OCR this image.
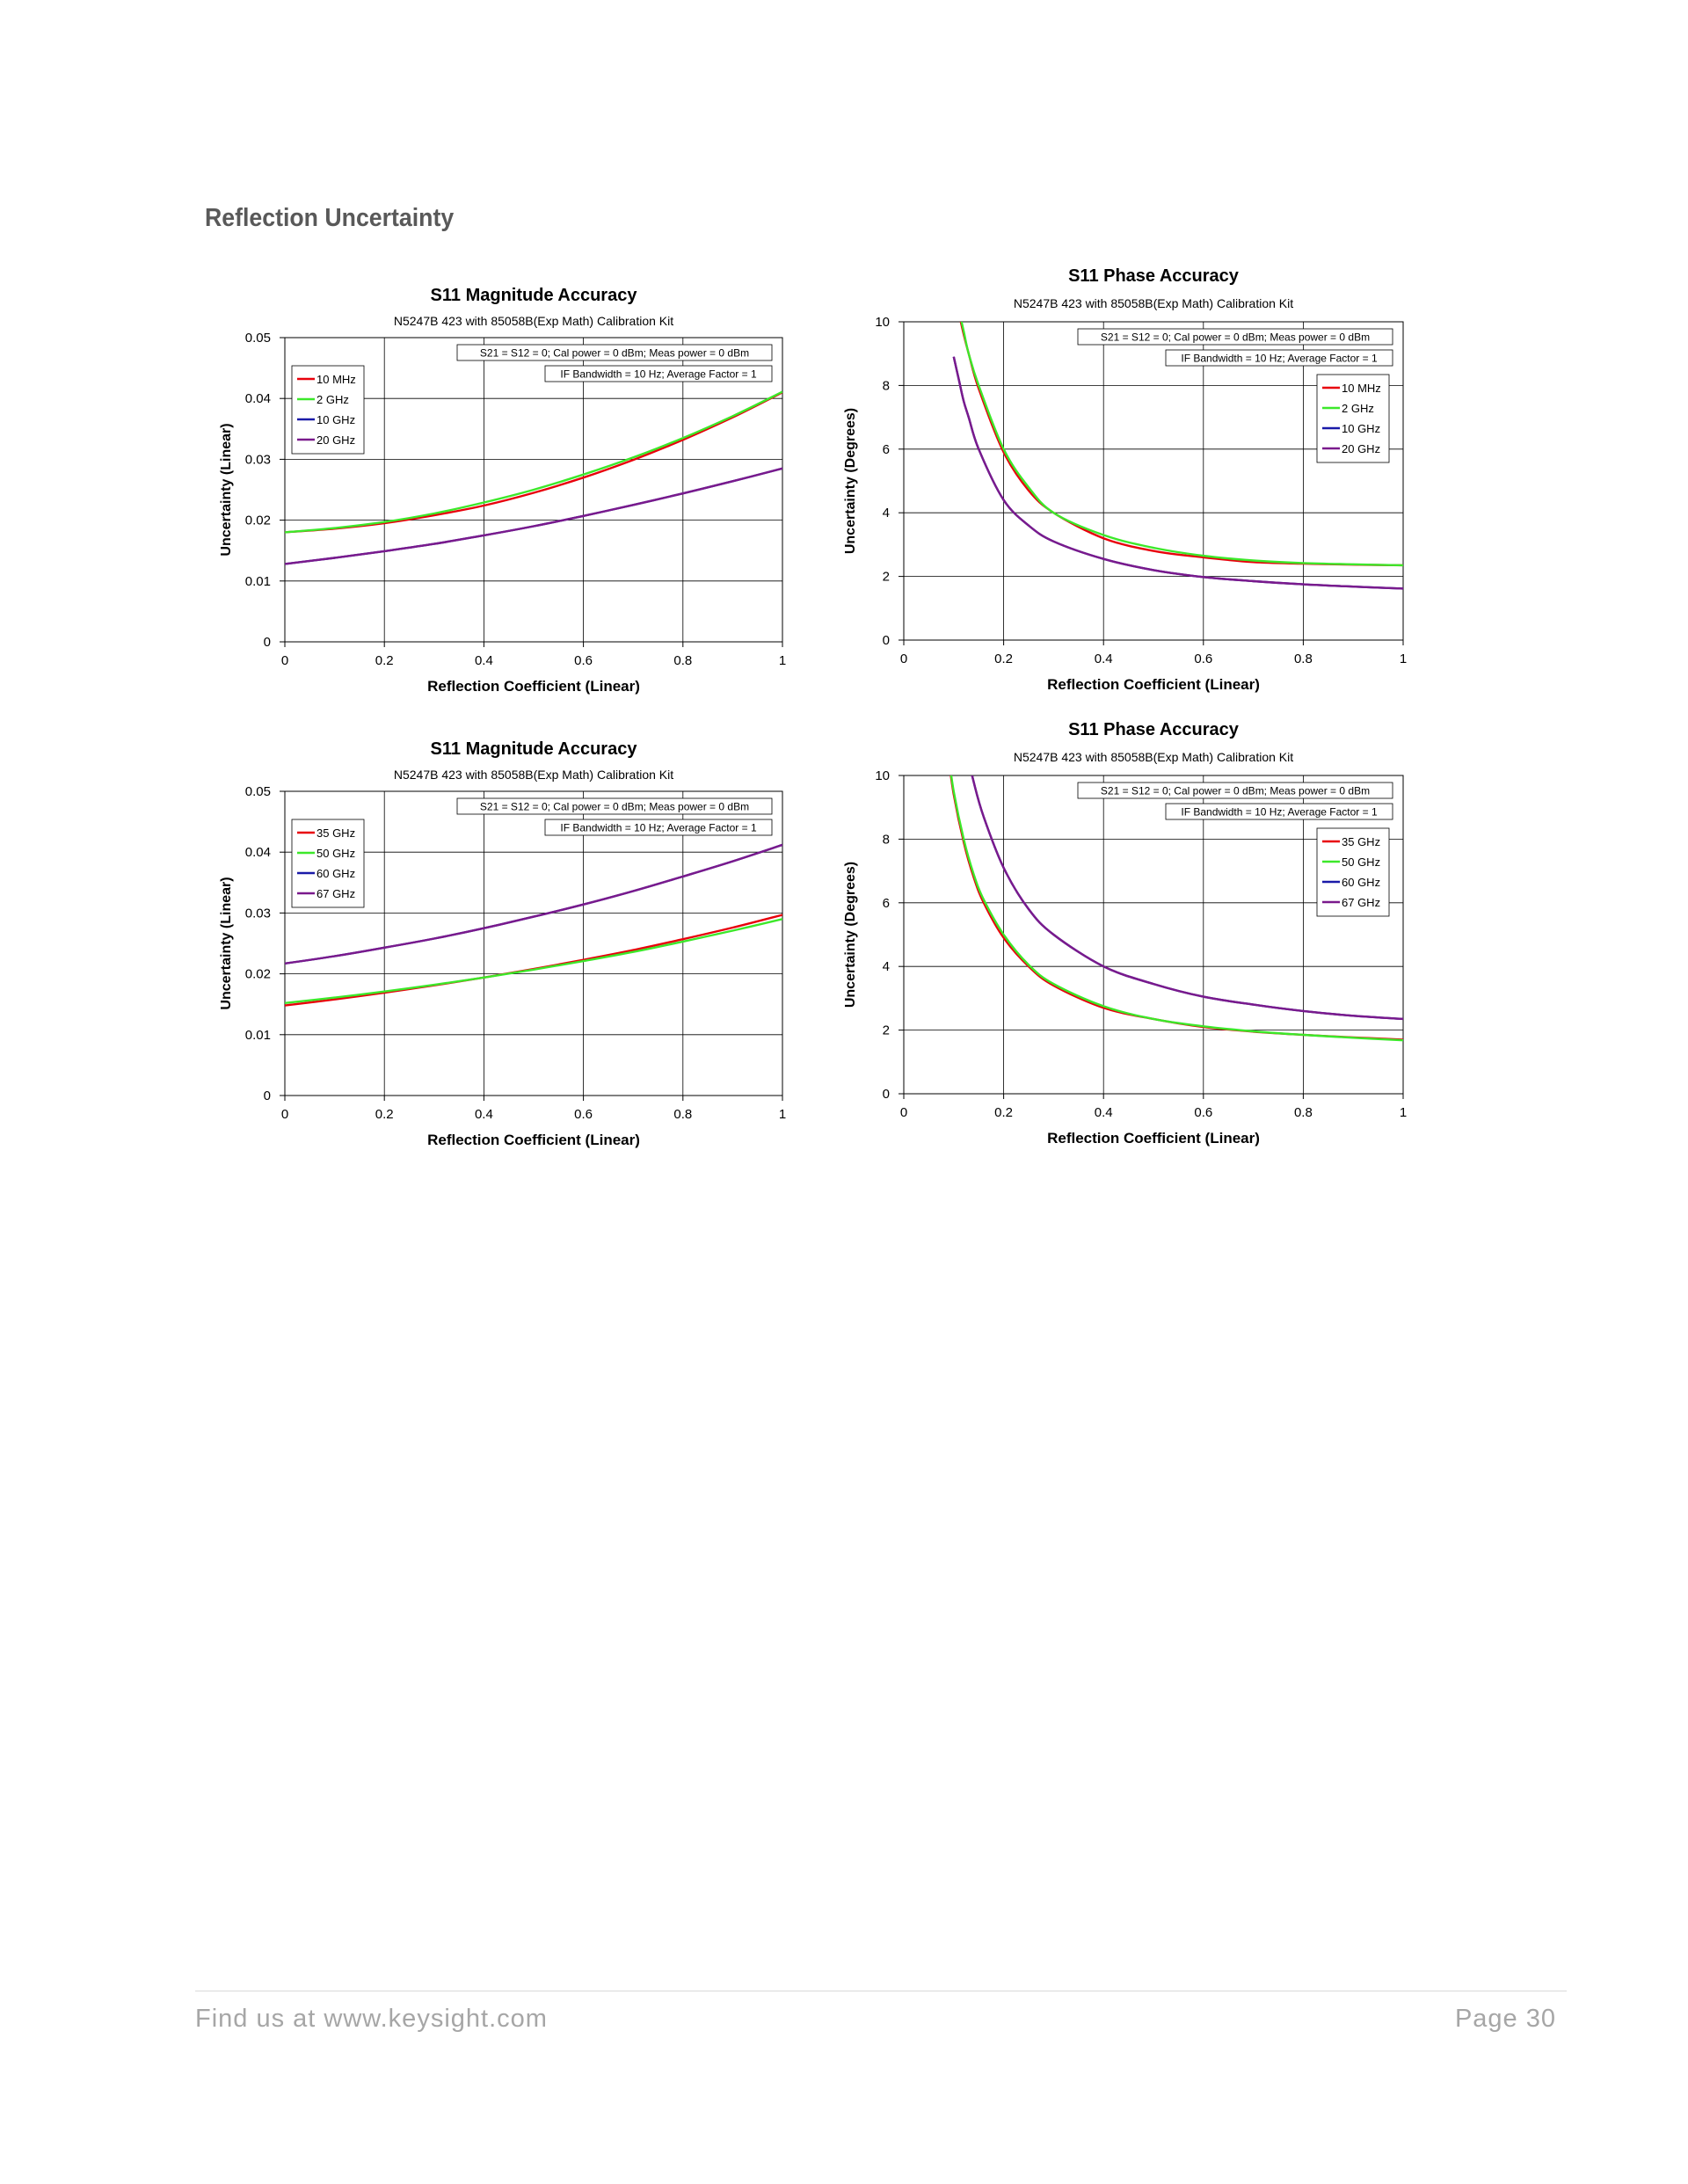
Reflection Uncertainty
S11 Magnitude Accuracy
N5247B 423 with 85058B(Exp Math) Calibration Kit
0	0.2	0.4	0.6	0.8	1
0
0.01
0.02
0.03
0.04
0.05
Reflection Coefficient (Linear)
Uncertainty (Linear)
S21 = S12 = 0; Cal power = 0 dBm; Meas power = 0 dBm
IF Bandwidth = 10 Hz; Average Factor = 1
10 MHz
2 GHz
10 GHz
20 GHz
S11 Phase Accuracy
N5247B 423 with 85058B(Exp Math) Calibration Kit
0	0.2	0.4	0.6	0.8	1
0
2
4
6
8
10
Reflection Coefficient (Linear)
Uncertainty (Degrees)
S21 = S12 = 0; Cal power = 0 dBm; Meas power = 0 dBm
IF Bandwidth = 10 Hz; Average Factor = 1
10 MHz
2 GHz
10 GHz
20 GHz
S11 Magnitude Accuracy
N5247B 423 with 85058B(Exp Math) Calibration Kit
0	0.2	0.4	0.6	0.8	1
0
0.01
0.02
0.03
0.04
0.05
Reflection Coefficient (Linear)
Uncertainty (Linear)
S21 = S12 = 0; Cal power = 0 dBm; Meas power = 0 dBm
IF Bandwidth = 10 Hz; Average Factor = 1
35 GHz
50 GHz
60 GHz
67 GHz
S11 Phase Accuracy
N5247B 423 with 85058B(Exp Math) Calibration Kit
0	0.2	0.4	0.6	0.8	1
0
2
4
6
8
10
Reflection Coefficient (Linear)
Uncertainty (Degrees)
S21 = S12 = 0; Cal power = 0 dBm; Meas power = 0 dBm
IF Bandwidth = 10 Hz; Average Factor = 1
35 GHz
50 GHz
60 GHz
67 GHz
Find us at www.keysight.com	Page 30
